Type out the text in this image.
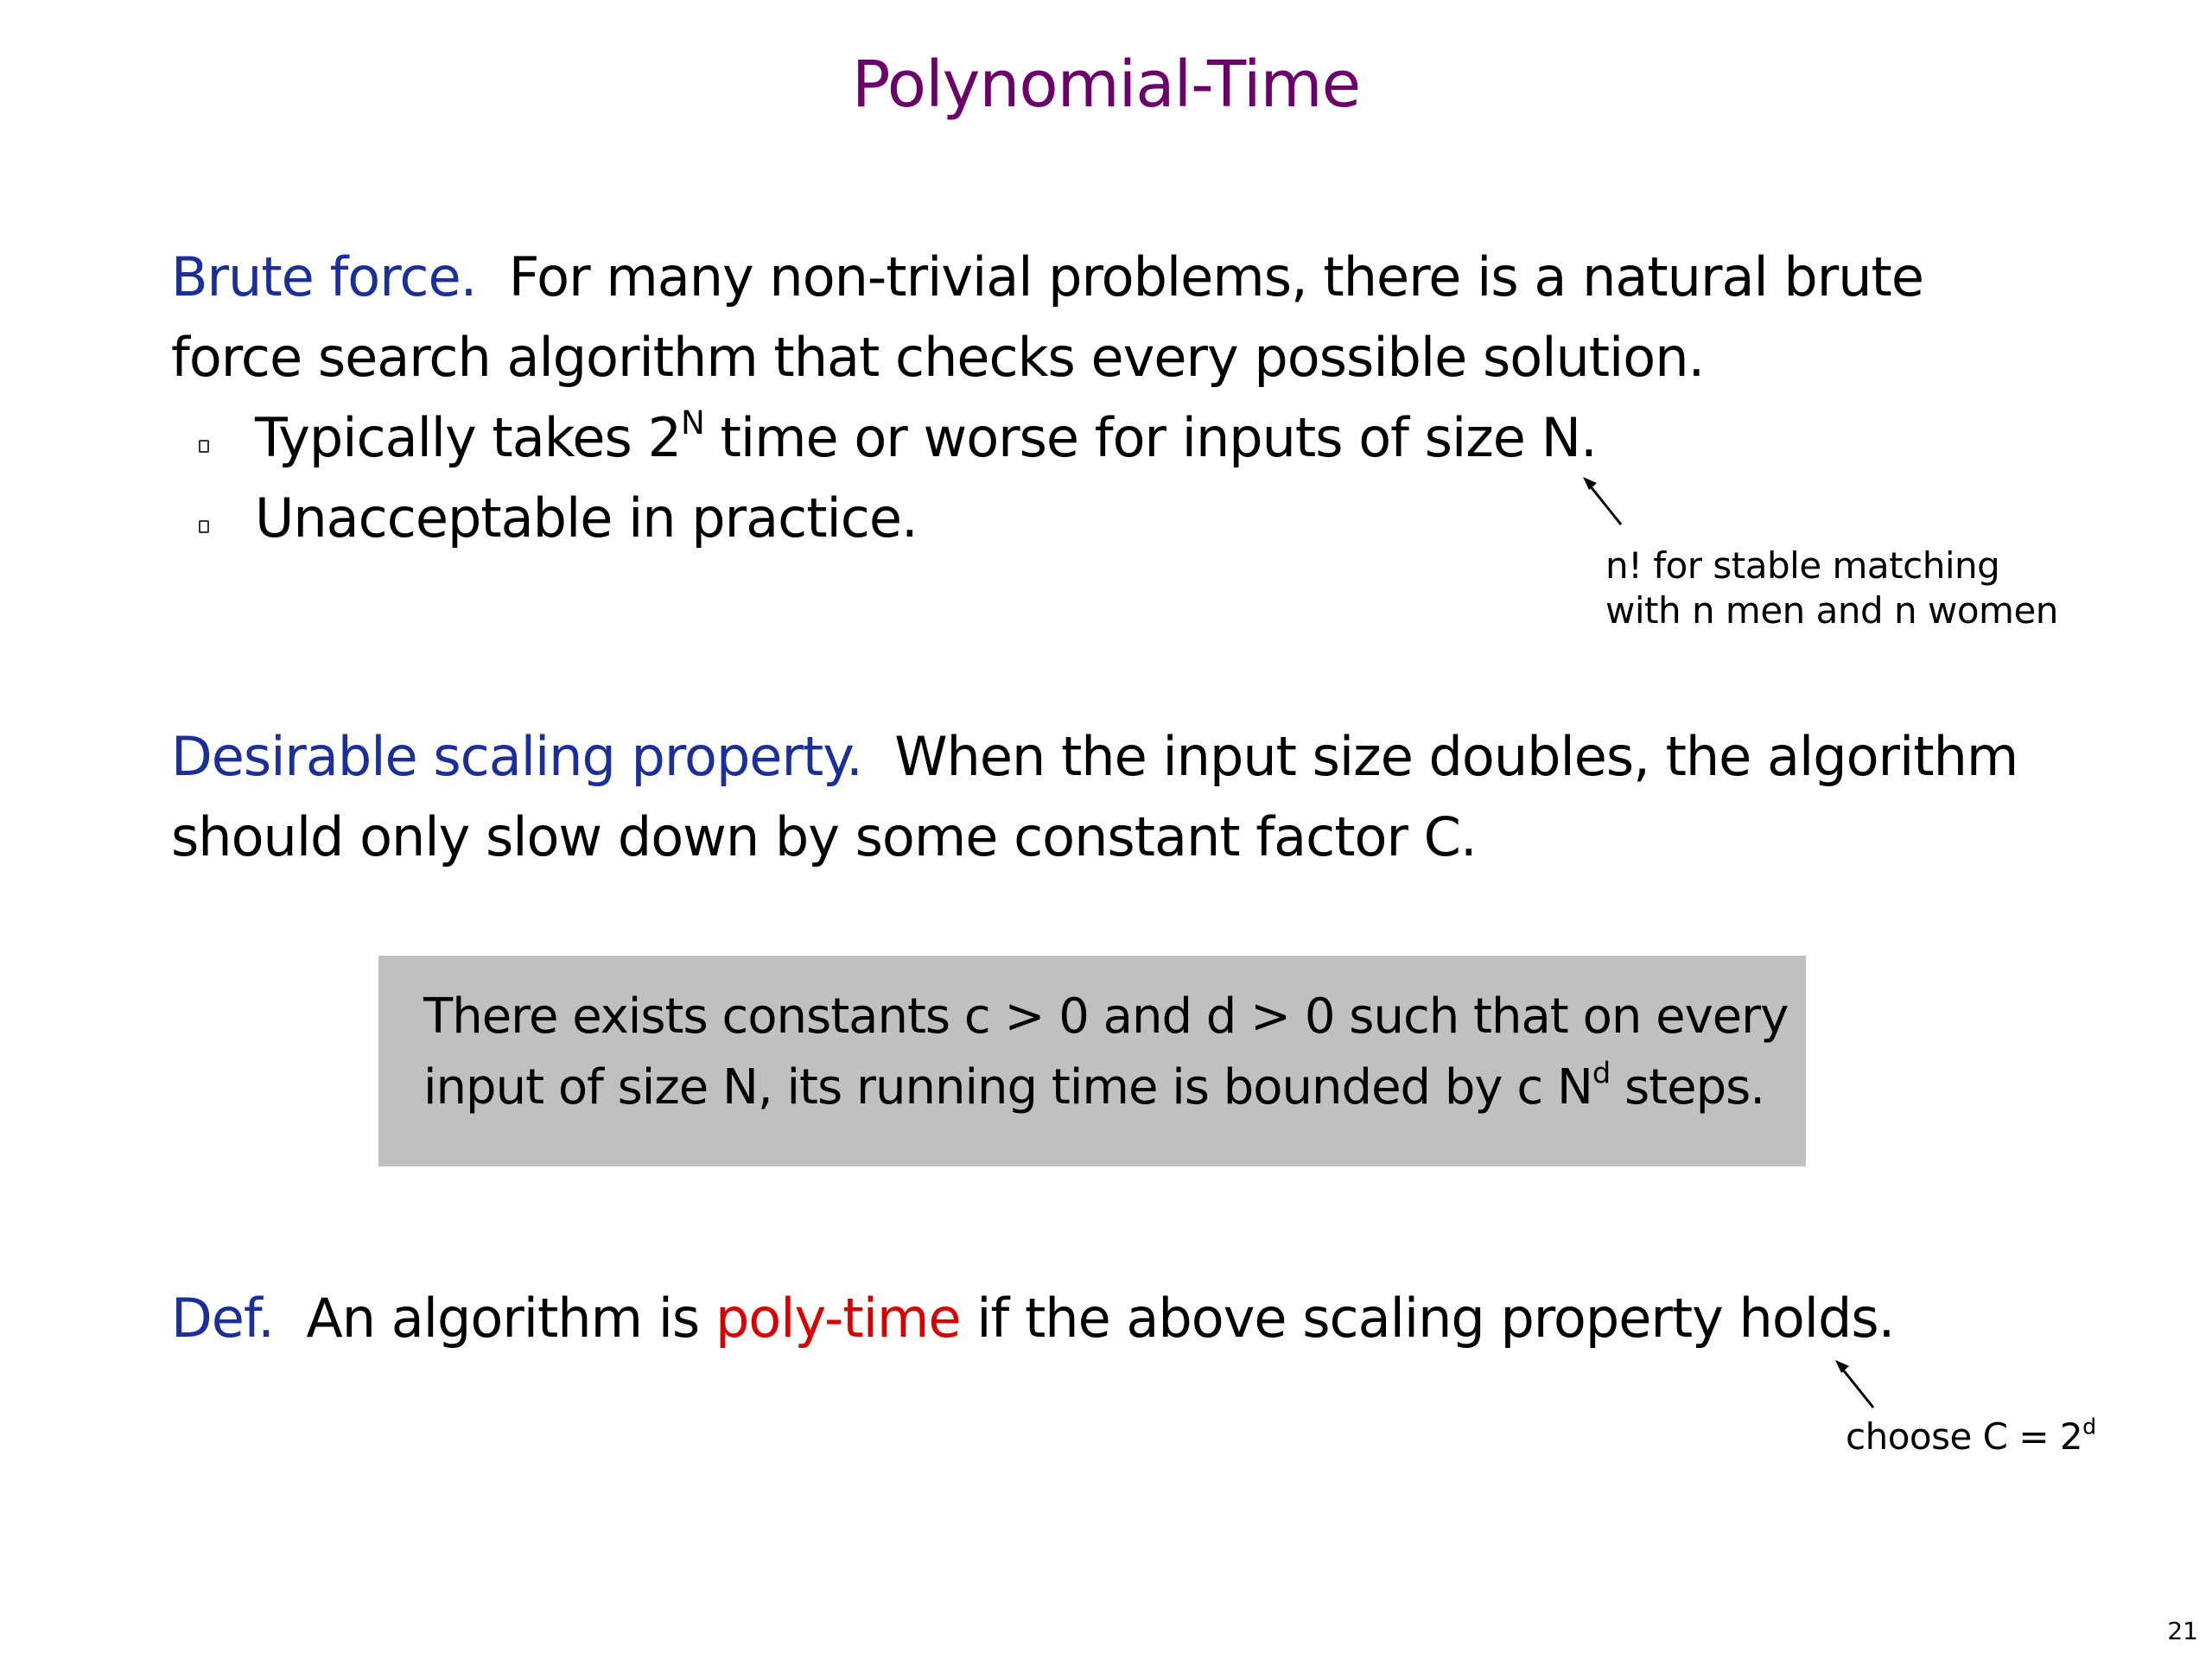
Polynomial-Time
Brute force. For many non-trivial problems, there is a natural brute
force search algorithm that checks every possible solution.
Typically takes $2^N$ time or worse for inputs of size N.
Unacceptable in practice.
n! for stable matching
with n men and n women
Desirable scaling property. When the input size doubles, the algorithm
should only slow down by some constant factor C.
There exists constants c > 0 and d > 0 such that on every
input of size N, its running time is bounded by c $N^d$ steps.
Def. An algorithm is poly-time if the above scaling property holds.
choose $C = 2^d$
21
